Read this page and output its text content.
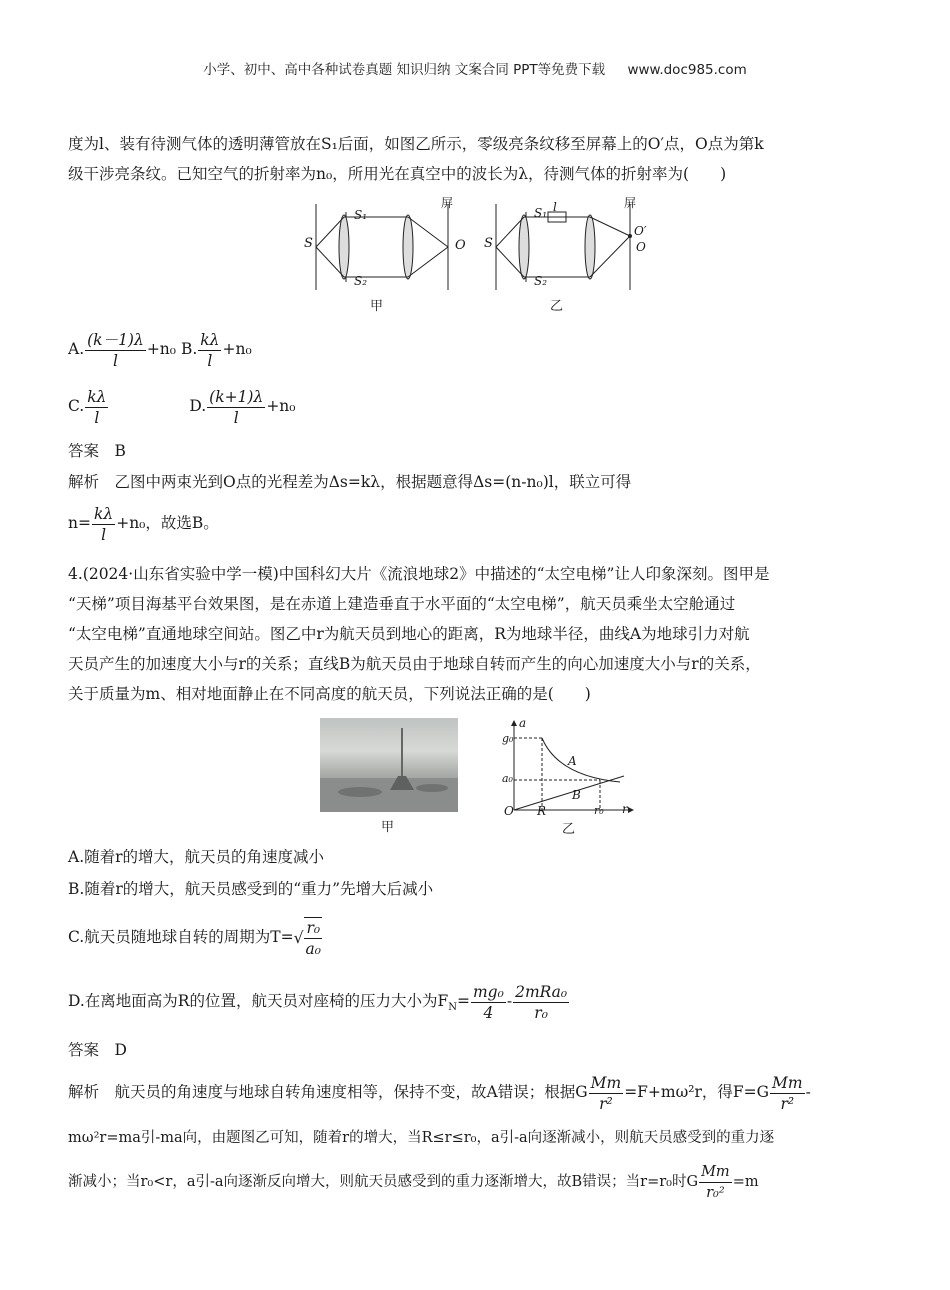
小学、初中、高中各种试卷真题 知识归纳 文案合同 PPT等免费下载 www.doc985.com
度为l、装有待测气体的透明薄管放在S₁后面，如图乙所示，零级亮条纹移至屏幕上的O′点，O点为第k
级干涉亮条纹。已知空气的折射率为n₀，所用光在真空中的波长为λ，待测气体的折射率为(　　)
S
S₁
S₂
O
屏
甲
S
S₁ l
S₂
O′
O
屏
乙
A. $\frac{(k-1)\lambda}{l} +n_0$ B. $\frac{k\lambda}{l} +n_0$
C. $\frac{k\lambda}{l}$	D. $\frac{(k+1)\lambda}{l} +n_0$
答案　 B
解析　 乙图中两束光到O点的光程差为Δs=kλ，根据题意得Δs=(n-n₀)l，联立可得
$n= \frac{k\lambda}{l} +n_0$，故选B。
4.(2024·山东省实验中学一模)中国科幻大片《流浪地球2》中描述的“太空电梯”让人印象深刻。图甲是
“天梯”项目海基平台效果图，是在赤道上建造垂直于水平面的“太空电梯”，航天员乘坐太空舱通过
“太空电梯”直通地球空间站。图乙中r为航天员到地心的距离，R为地球半径，曲线A为地球引力对航
天员产生的加速度大小与r的关系；直线B为航天员由于地球自转而产生的向心加速度大小与r的关系，
关于质量为m、相对地面静止在不同高度的航天员，下列说法正确的是(　　)
甲
a
g₀
a₀
A
B
O R	r₀ r
乙
A.随着r的增大，航天员的角速度减小
B.随着r的增大，航天员感受到的“重力”先增大后减小
C.航天员随地球自转的周期为$T=√ \frac{\text{r₀}}{\text{a₀}}$
D.在离地面高为R的位置，航天员对座椅的压力大小为$F_N= \frac{\text{mg₀}}{4} - \frac{\text{2mRa₀}}{\text{r₀}}$
答案　 D
解析　 航天员的角速度与地球自转角速度相等，保持不变，故A错误；根据G $\frac{Mm}{\text{r²}} =F+m\omega^2r$，得$F=G \frac{Mm}{\text{r²}}$ -
mω²r=ma引-ma向，由题图乙可知，随着r的增大，当R≤r≤r₀，a引-a向逐渐减小，则航天员感受到的重力逐
渐减小；当r₀<r，a引-a向逐渐反向增大，则航天员感受到的重力逐渐增大，故B错误；当r=r₀时G $\frac{Mm}{\text{r₀²}} =m$
